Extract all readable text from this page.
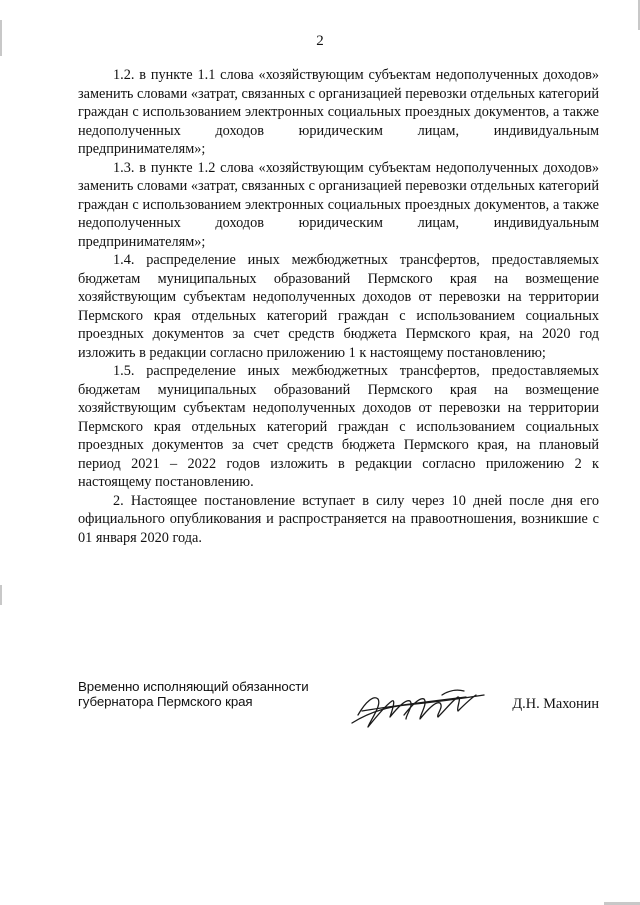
2

1.2. в пункте 1.1 слова «хозяйствующим субъектам недополученных доходов» заменить словами «затрат, связанных с организацией перевозки отдельных категорий граждан с использованием электронных социальных проездных документов, а также недополученных доходов юридическим лицам, индивидуальным предпринимателям»;

1.3. в пункте 1.2 слова «хозяйствующим субъектам недополученных доходов» заменить словами «затрат, связанных с организацией перевозки отдельных категорий граждан с использованием электронных социальных проездных документов, а также недополученных доходов юридическим лицам, индивидуальным предпринимателям»;

1.4. распределение иных межбюджетных трансфертов, предоставляемых бюджетам муниципальных образований Пермского края на возмещение хозяйствующим субъектам недополученных доходов от перевозки на территории Пермского края отдельных категорий граждан с использованием социальных проездных документов за счет средств бюджета Пермского края, на 2020 год изложить в редакции согласно приложению 1 к настоящему постановлению;

1.5. распределение иных межбюджетных трансфертов, предоставляемых бюджетам муниципальных образований Пермского края на возмещение хозяйствующим субъектам недополученных доходов от перевозки на территории Пермского края отдельных категорий граждан с использованием социальных проездных документов за счет средств бюджета Пермского края, на плановый период 2021 – 2022 годов изложить в редакции согласно приложению 2 к настоящему постановлению.

2. Настоящее постановление вступает в силу через 10 дней после дня его официального опубликования и распространяется на правоотношения, возникшие с 01 января 2020 года.

Временно исполняющий обязанности
губернатора Пермского края	Д.Н. Махонин
